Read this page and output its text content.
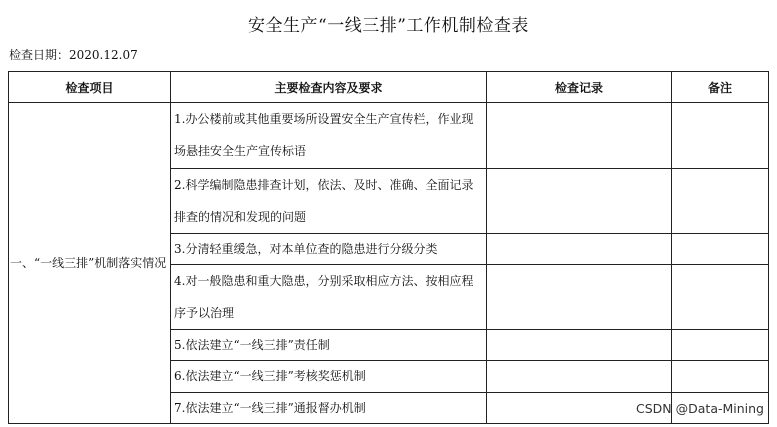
安全生产“一线三排”工作机制检查表
检查日期：2020.12.07
检查项目	主要检查内容及要求	检查记录	备注
一、“一线三排”机制落实情况	1.办公楼前或其他重要场所设置安全生产宣传栏，作业现场悬挂安全生产宣传标语		
	2.科学编制隐患排查计划，依法、及时、准确、全面记录排查的情况和发现的问题		
	3.分清轻重缓急，对本单位查的隐患进行分级分类		
	4.对一般隐患和重大隐患，分别采取相应方法、按相应程序予以治理		
	5.依法建立“一线三排”责任制		
	6.依法建立“一线三排”考核奖惩机制		
	7.依法建立“一线三排”通报督办机制			CSDN @Data-Mining
